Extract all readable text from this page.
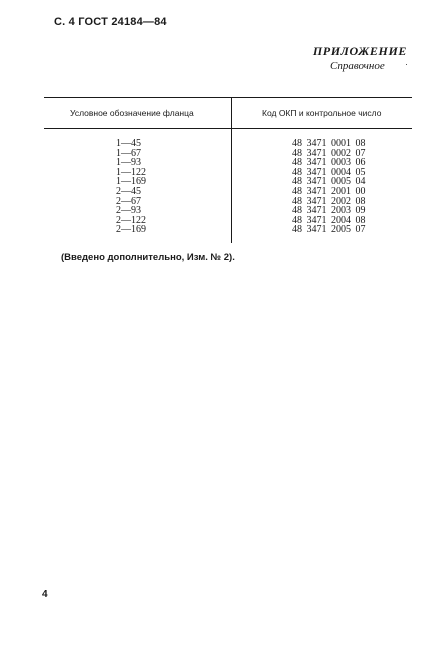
С. 4 ГОСТ 24184—84
ПРИЛОЖЕНИЕ
Справочное
Условное обозначение фланца	Код ОКП и контрольное число
1—45
1—67
1—93
1—122
1—169
2—45
2—67
2—93
2—122
2—169
48 3471 0001 08
48 3471 0002 07
48 3471 0003 06
48 3471 0004 05
48 3471 0005 04
48 3471 2001 00
48 3471 2002 08
48 3471 2003 09
48 3471 2004 08
48 3471 2005 07
(Введено дополнительно, Изм. № 2).
4
